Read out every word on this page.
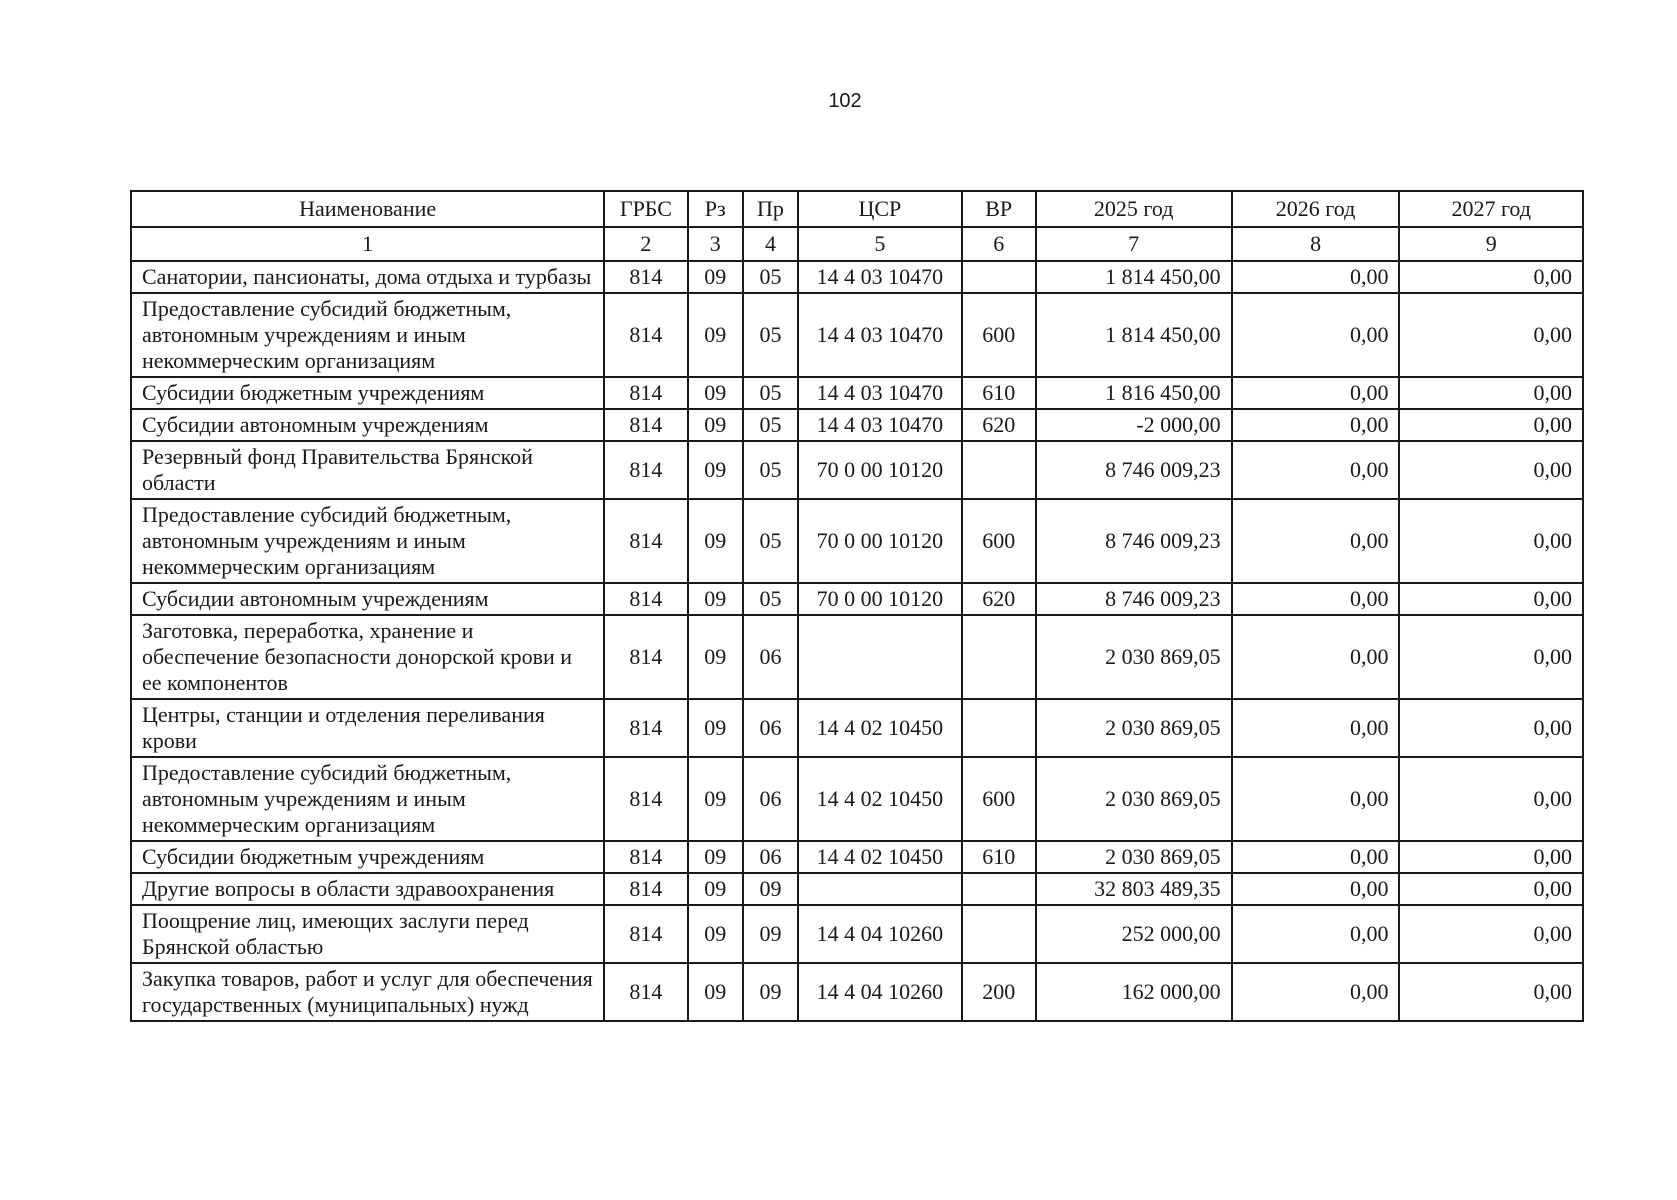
102
Наименование	ГРБС	Рз	Пр	ЦСР	ВР	2025 год	2026 год	2027 год
1	2	3	4	5	6	7	8	9
Санатории, пансионаты, дома отдыха и турбазы	814	09	05	14 4 03 10470		1 814 450,00	0,00	0,00
Предоставление субсидий бюджетным, автономным учреждениям и иным некоммерческим организациям	814	09	05	14 4 03 10470	600	1 814 450,00	0,00	0,00
Субсидии бюджетным учреждениям	814	09	05	14 4 03 10470	610	1 816 450,00	0,00	0,00
Субсидии автономным учреждениям	814	09	05	14 4 03 10470	620	-2 000,00	0,00	0,00
Резервный фонд Правительства Брянской области	814	09	05	70 0 00 10120		8 746 009,23	0,00	0,00
Предоставление субсидий бюджетным, автономным учреждениям и иным некоммерческим организациям	814	09	05	70 0 00 10120	600	8 746 009,23	0,00	0,00
Субсидии автономным учреждениям	814	09	05	70 0 00 10120	620	8 746 009,23	0,00	0,00
Заготовка, переработка, хранение и обеспечение безопасности донорской крови и ее компонентов	814	09	06			2 030 869,05	0,00	0,00
Центры, станции и отделения переливания крови	814	09	06	14 4 02 10450		2 030 869,05	0,00	0,00
Предоставление субсидий бюджетным, автономным учреждениям и иным некоммерческим организациям	814	09	06	14 4 02 10450	600	2 030 869,05	0,00	0,00
Субсидии бюджетным учреждениям	814	09	06	14 4 02 10450	610	2 030 869,05	0,00	0,00
Другие вопросы в области здравоохранения	814	09	09			32 803 489,35	0,00	0,00
Поощрение лиц, имеющих заслуги перед Брянской областью	814	09	09	14 4 04 10260		252 000,00	0,00	0,00
Закупка товаров, работ и услуг для обеспечения государственных (муниципальных) нужд	814	09	09	14 4 04 10260	200	162 000,00	0,00	0,00
